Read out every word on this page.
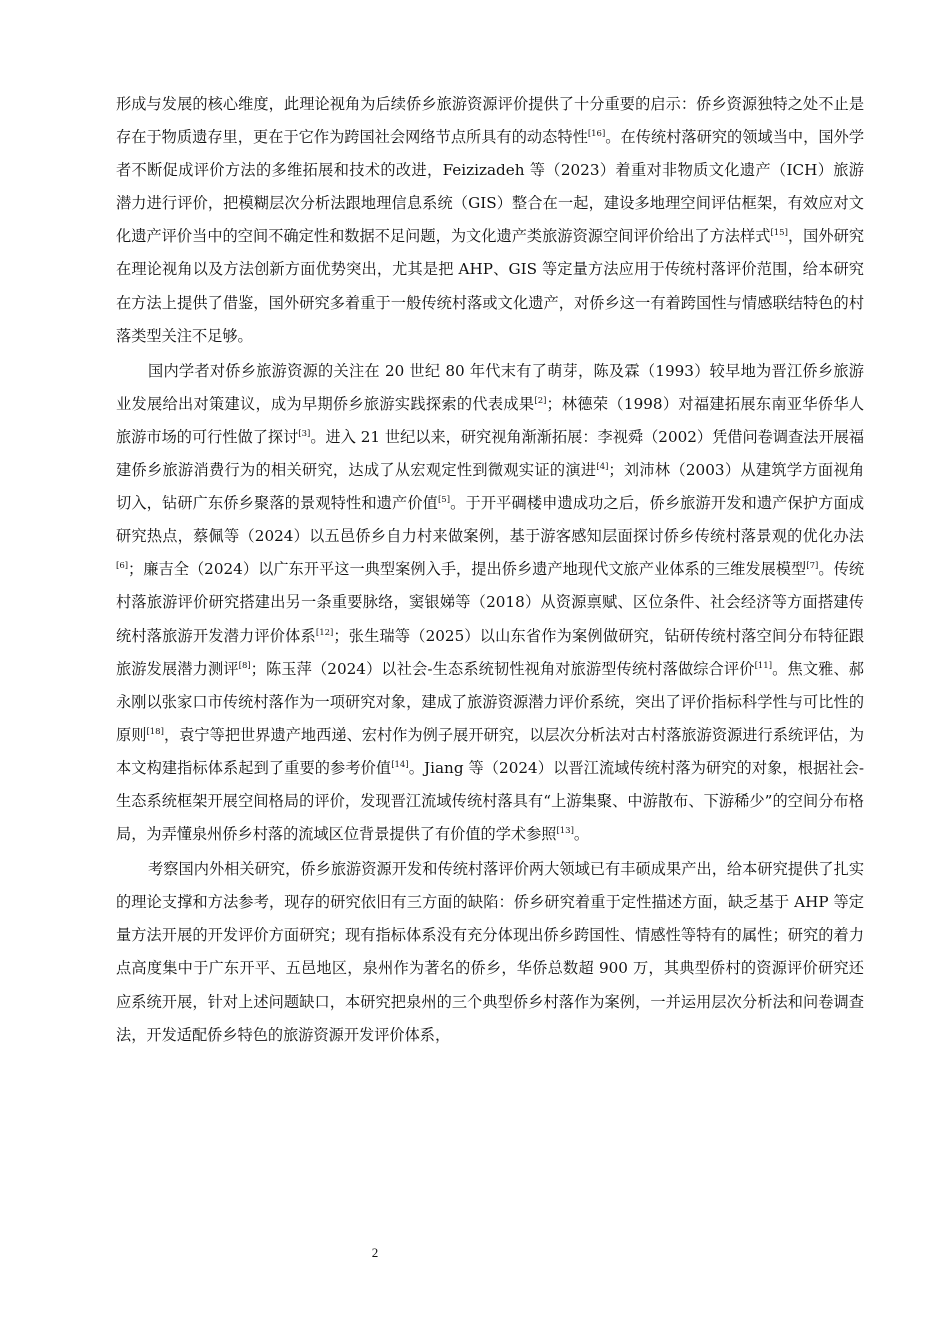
形成与发展的核心维度，此理论视角为后续侨乡旅游资源评价提供了十分重要的启示：侨乡资源独特之处不止是存在于物质遗存里，更在于它作为跨国社会网络节点所具有的动态特性[16]。在传统村落研究的领域当中，国外学者不断促成评价方法的多维拓展和技术的改进，Feizizadeh 等（2023）着重对非物质文化遗产（ICH）旅游潜力进行评价，把模糊层次分析法跟地理信息系统（GIS）整合在一起，建设多地理空间评估框架，有效应对文化遗产评价当中的空间不确定性和数据不足问题，为文化遗产类旅游资源空间评价给出了方法样式[15]，国外研究在理论视角以及方法创新方面优势突出，尤其是把 AHP、GIS 等定量方法应用于传统村落评价范围，给本研究在方法上提供了借鉴，国外研究多着重于一般传统村落或文化遗产，对侨乡这一有着跨国性与情感联结特色的村落类型关注不足够。

国内学者对侨乡旅游资源的关注在 20 世纪 80 年代末有了萌芽，陈及霖（1993）较早地为晋江侨乡旅游业发展给出对策建议，成为早期侨乡旅游实践探索的代表成果[2]；林德荣（1998）对福建拓展东南亚华侨华人旅游市场的可行性做了探讨[3]。进入 21 世纪以来，研究视角渐渐拓展：李视舜（2002）凭借问卷调查法开展福建侨乡旅游消费行为的相关研究，达成了从宏观定性到微观实证的演进[4]；刘沛林（2003）从建筑学方面视角切入，钻研广东侨乡聚落的景观特性和遗产价值[5]。于开平碉楼申遗成功之后，侨乡旅游开发和遗产保护方面成研究热点，蔡佩等（2024）以五邑侨乡自力村来做案例，基于游客感知层面探讨侨乡传统村落景观的优化办法[6]；廉吉全（2024）以广东开平这一典型案例入手，提出侨乡遗产地现代文旅产业体系的三维发展模型[7]。传统村落旅游评价研究搭建出另一条重要脉络，窦银娣等（2018）从资源禀赋、区位条件、社会经济等方面搭建传统村落旅游开发潜力评价体系[12]；张生瑞等（2025）以山东省作为案例做研究，钻研传统村落空间分布特征跟旅游发展潜力测评[8]；陈玉萍（2024）以社会-生态系统韧性视角对旅游型传统村落做综合评价[11]。焦文雅、郝永刚以张家口市传统村落作为一项研究对象，建成了旅游资源潜力评价系统，突出了评价指标科学性与可比性的原则[18]，袁宁等把世界遗产地西递、宏村作为例子展开研究，以层次分析法对古村落旅游资源进行系统评估，为本文构建指标体系起到了重要的参考价值[14]。Jiang 等（2024）以晋江流域传统村落为研究的对象，根据社会-生态系统框架开展空间格局的评价，发现晋江流域传统村落具有“上游集聚、中游散布、下游稀少”的空间分布格局，为弄懂泉州侨乡村落的流域区位背景提供了有价值的学术参照[13]。

考察国内外相关研究，侨乡旅游资源开发和传统村落评价两大领域已有丰硕成果产出，给本研究提供了扎实的理论支撑和方法参考，现存的研究依旧有三方面的缺陷：侨乡研究着重于定性描述方面，缺乏基于 AHP 等定量方法开展的开发评价方面研究；现有指标体系没有充分体现出侨乡跨国性、情感性等特有的属性；研究的着力点高度集中于广东开平、五邑地区，泉州作为著名的侨乡，华侨总数超 900 万，其典型侨村的资源评价研究还应系统开展，针对上述问题缺口，本研究把泉州的三个典型侨乡村落作为案例，一并运用层次分析法和问卷调查法，开发适配侨乡特色的旅游资源开发评价体系，

2
